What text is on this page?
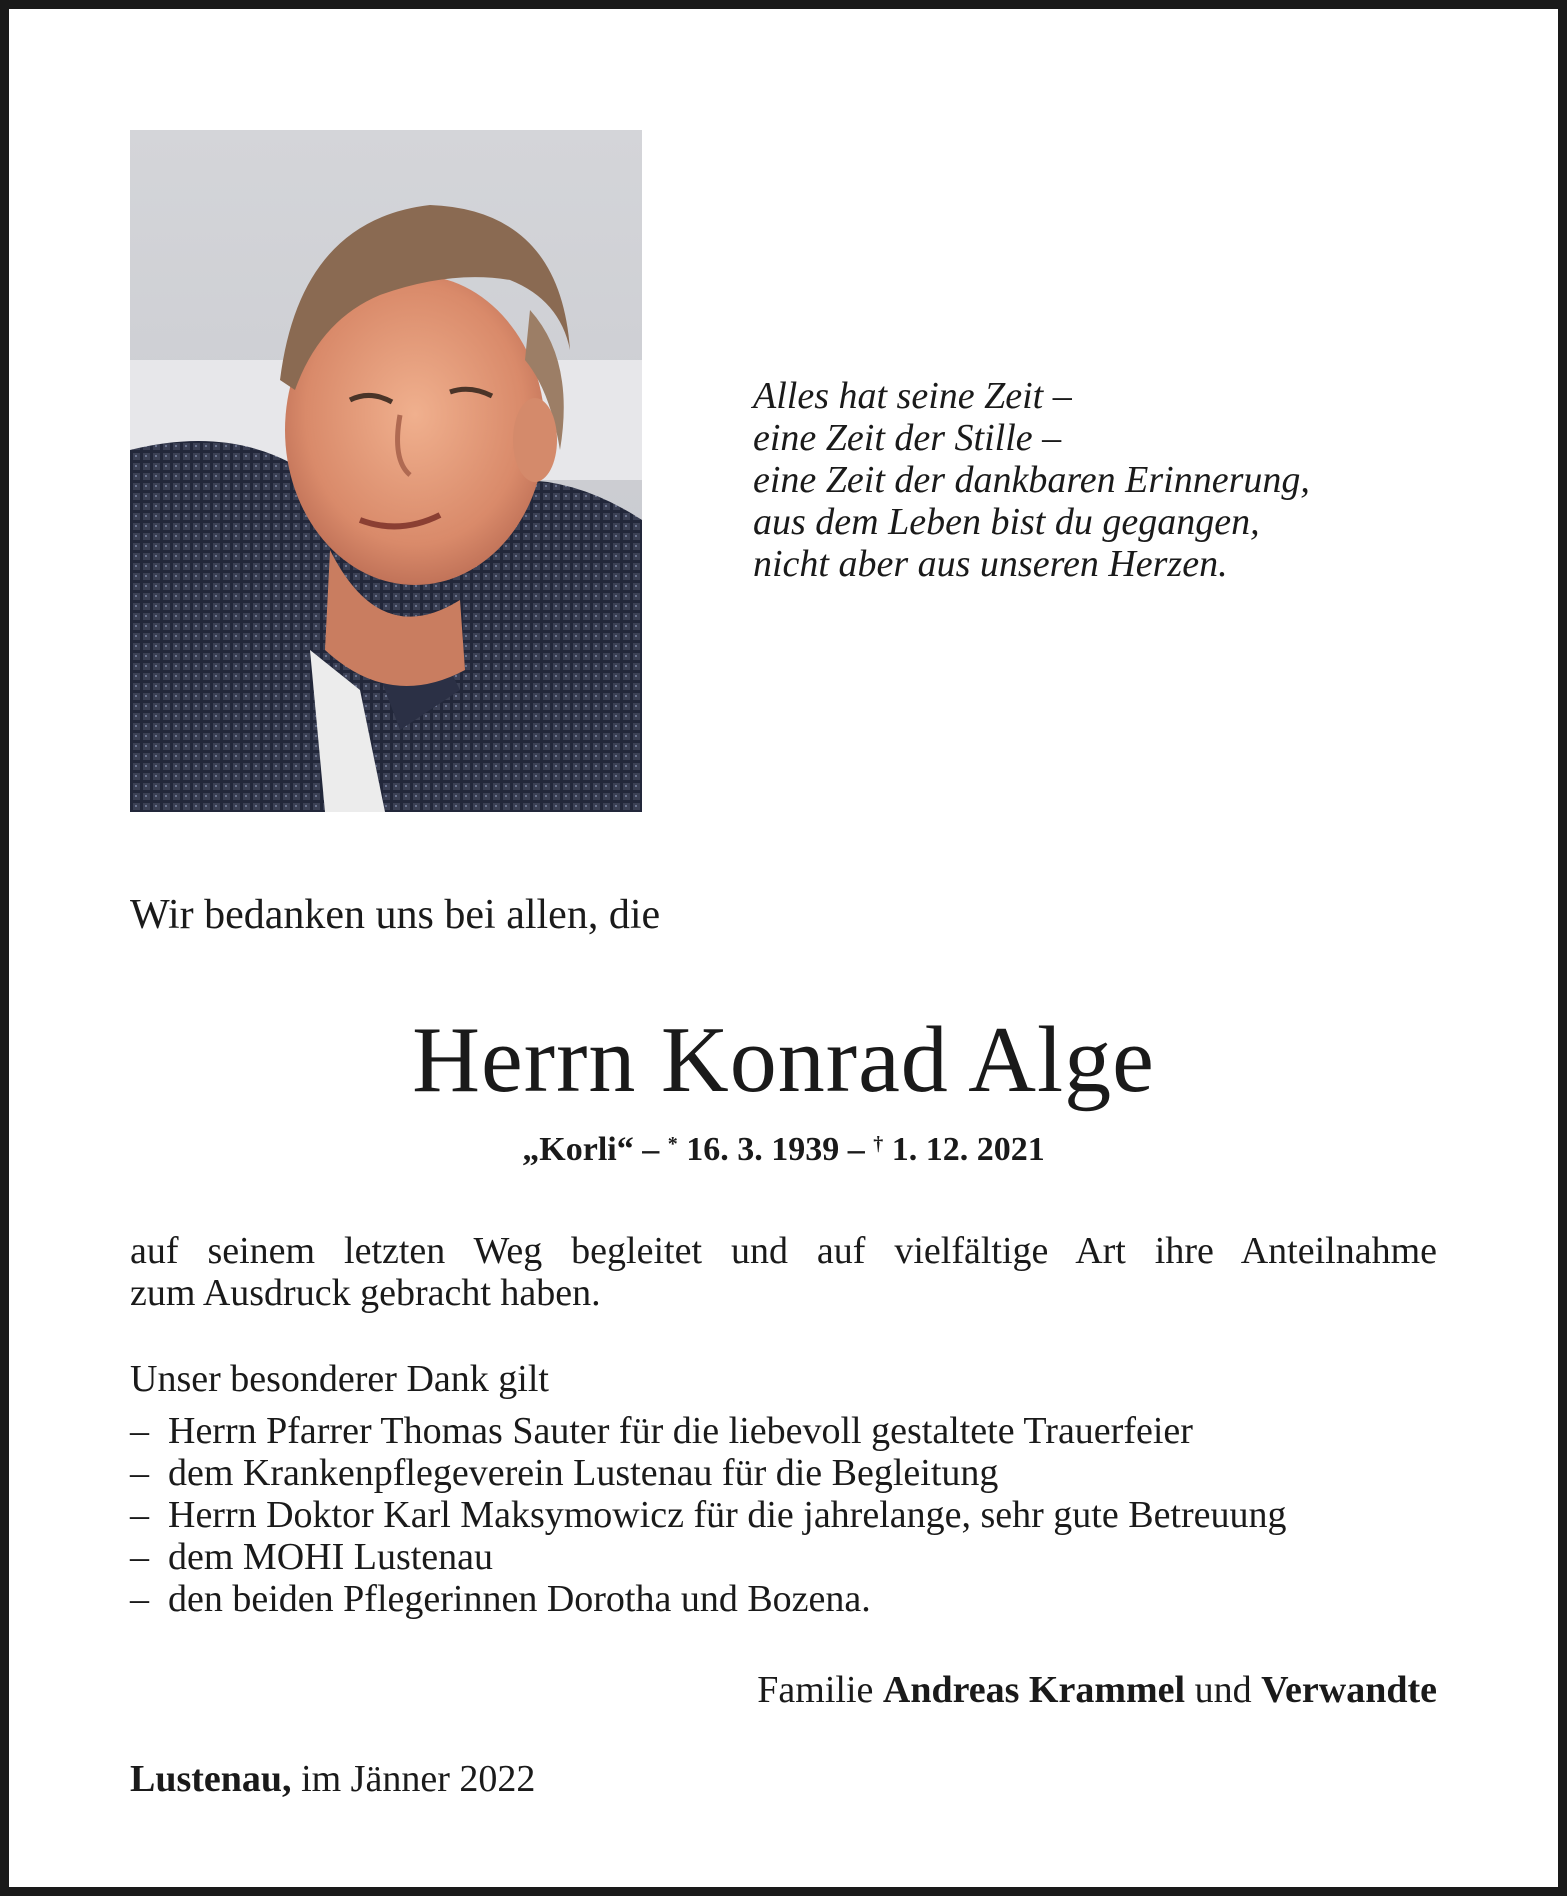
Alles hat seine Zeit –
eine Zeit der Stille –
eine Zeit der dankbaren Erinnerung,
aus dem Leben bist du gegangen,
nicht aber aus unseren Herzen.
Wir bedanken uns bei allen, die
Herrn Konrad Alge
„Korli“ – * 16. 3. 1939 – † 1. 12. 2021
auf seinem letzten Weg begleitet und auf vielfältige Art ihre Anteilnahme
zum Ausdruck gebracht haben.
Unser besonderer Dank gilt
– Herrn Pfarrer Thomas Sauter für die liebevoll gestaltete Trauerfeier
– dem Krankenpflegeverein Lustenau für die Begleitung
– Herrn Doktor Karl Maksymowicz für die jahrelange, sehr gute Betreuung
– dem MOHI Lustenau
– den beiden Pflegerinnen Dorotha und Bozena.
Familie Andreas Krammel und Verwandte
Lustenau, im Jänner 2022
